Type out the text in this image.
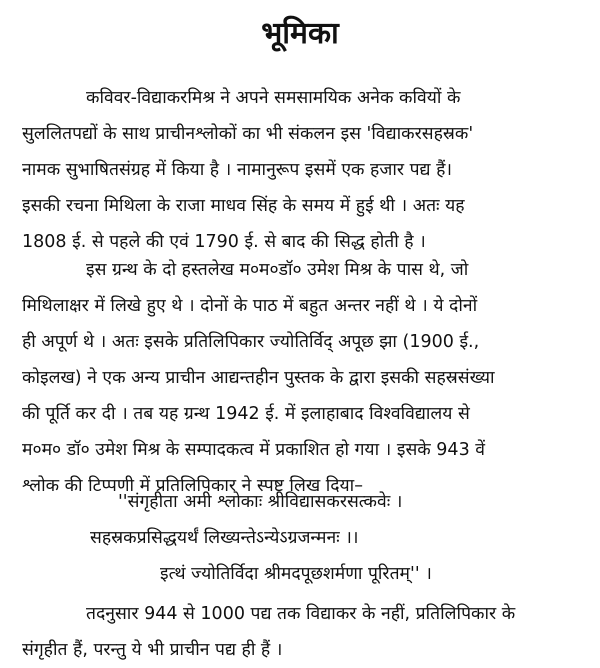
भूमिका
कविवर-विद्याकरमिश्र ने अपने समसामयिक अनेक कवियों के
सुललितपद्यों के साथ प्राचीनश्लोकों का भी संकलन इस 'विद्याकरसहस्रक'
नामक सुभाषितसंग्रह में किया है । नामानुरूप इसमें एक हजार पद्य हैं।
इसकी रचना मिथिला के राजा माधव सिंह के समय में हुई थी । अतः यह
1808 ई. से पहले की एवं 1790 ई. से बाद की सिद्ध होती है ।
इस ग्रन्थ के दो हस्तलेख म०म०डॉ० उमेश मिश्र के पास थे, जो
मिथिलाक्षर में लिखे हुए थे । दोनों के पाठ में बहुत अन्तर नहीं थे । ये दोनों
ही अपूर्ण थे । अतः इसके प्रतिलिपिकार ज्योतिर्विद् अपूछ झा (1900 ई.,
कोइलख) ने एक अन्य प्राचीन आद्यन्तहीन पुस्तक के द्वारा इसकी सहस्रसंख्या
की पूर्ति कर दी । तब यह ग्रन्थ 1942 ई. में इलाहाबाद विश्वविद्यालय से
म०म० डॉ० उमेश मिश्र के सम्पादकत्व में प्रकाशित हो गया । इसके 943 वें
श्लोक की टिप्पणी में प्रतिलिपिकार ने स्पष्ट लिख दिया–
''संगृहीता अमी श्लोकाः श्रीविद्यासकरसत्कवेः ।
सहस्रकप्रसिद्धयर्थं लिख्यन्तेऽन्येऽग्रजन्मनः ।।
इत्थं ज्योतिर्विदा श्रीमदपूछशर्मणा पूरितम्'' ।
तदनुसार 944 से 1000 पद्य तक विद्याकर के नहीं, प्रतिलिपिकार के
संगृहीत हैं, परन्तु ये भी प्राचीन पद्य ही हैं ।
